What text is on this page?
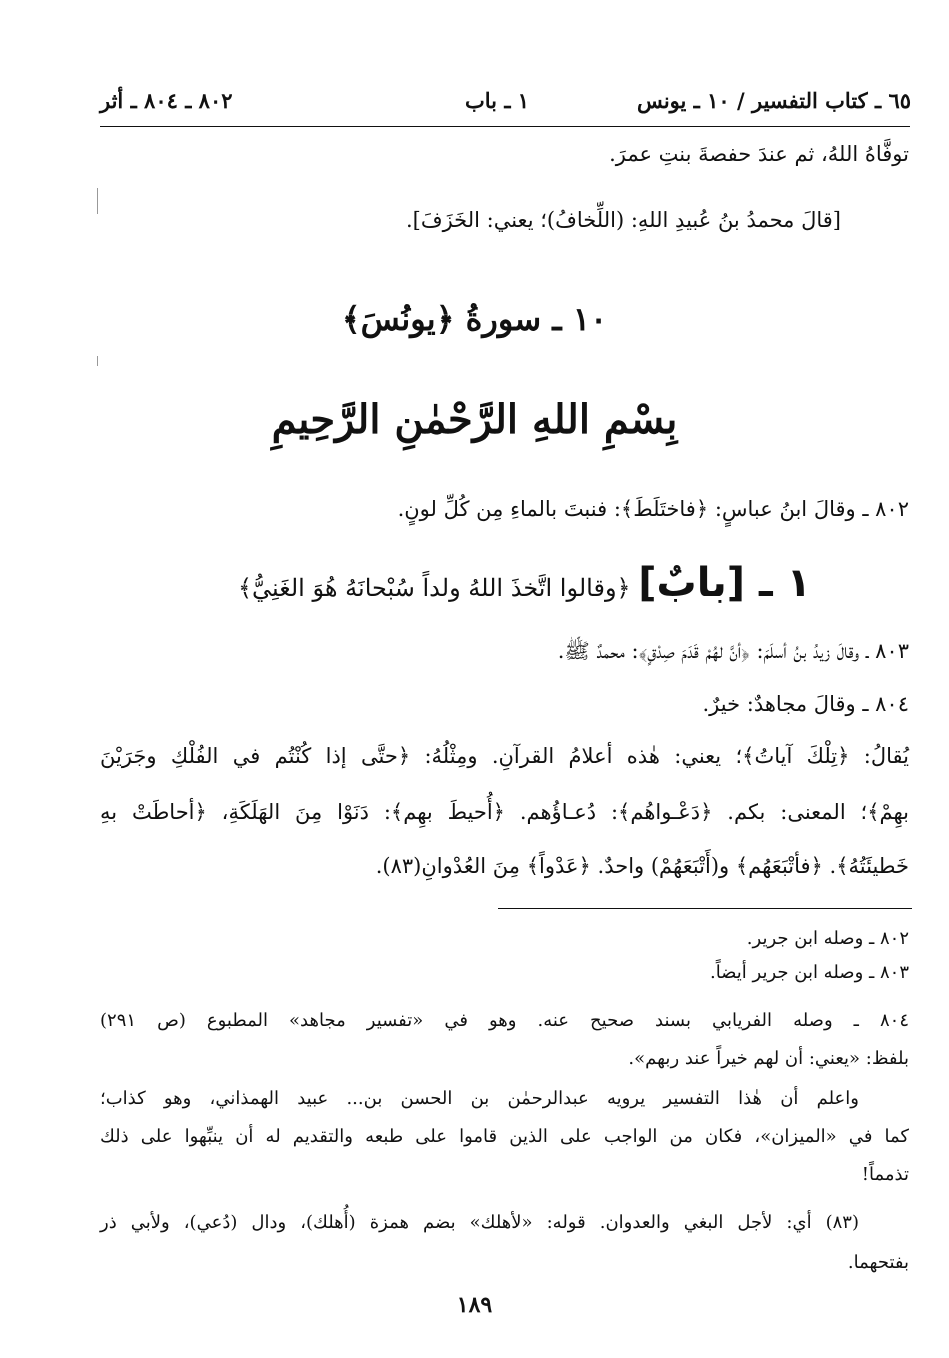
٦٥ ـ كتاب التفسير / ١٠ ـ يونس
١ ـ باب
٨٠٢ ـ ٨٠٤ ـ أثر
توفَّاهُ اللهُ، ثم عندَ حفصةَ بنتِ عمرَ.
[قالَ محمدُ بنُ عُبيدِ اللهِ: (اللِّخافُ)؛ يعني: الخَزَفَ].
١٠ ـ سورةُ ﴿يونُسَ﴾
بِسْمِ اللهِ الرَّحْمٰنِ الرَّحِيمِ
٨٠٢ ـ وقالَ ابنُ عباسٍ: ﴿فاختَلَطَ﴾: فنبتَ بالماءِ مِن كُلِّ لونٍ.
١ ـ [بابٌ] ﴿وقالوا اتَّخذَ اللهُ ولداً سُبْحانَهُ هُوَ الغَنِيُّ﴾
٨٠٣ ـ وقالَ زيدُ بنُ أسلَمَ: ﴿أنَّ لهُمْ قَدَمَ صِدْقٍ﴾: محمدٌ ﷺ.
٨٠٤ ـ وقالَ مجاهدٌ: خيرٌ.
يُقالُ: ﴿تِلْكَ آياتُ﴾؛ يعني: هٰذه أعلامُ القرآنِ. ومِثْلُهُ: ﴿حتَّى إذا كُنْتُم في الفُلْكِ وجَرَيْنَ
بهِمْ﴾؛ المعنى: بكم. ﴿دَعْـواهُم﴾: دُعـاؤُهم. ﴿أُحيطَ بهِم﴾: دَنَوْا مِنَ الهَلَكَةِ، ﴿أحاطَتْ بهِ
خَطيئَتُهُ﴾. ﴿فأتْبَعَهُم﴾ و(أَتْبَعَهُمْ) واحدٌ. ﴿عَدْواً﴾ مِنَ العُدْوانِ(٨٣).
٨٠٢ ـ وصله ابن جرير.
٨٠٣ ـ وصله ابن جرير أيضاً.
٨٠٤ ـ وصله الفريابي بسند صحيح عنه. وهو في «تفسير مجاهد» المطبوع (ص ٢٩١)
بلفظ: «يعني: أن لهم خيراً عند ربهم».
واعلم أن هٰذا التفسير يرويه عبدالرحمٰن بن الحسن بن... عبيد الهمذاني، وهو كذاب؛
كما في «الميزان»، فكان من الواجب على الذين قاموا على طبعه والتقديم له أن ينبِّهوا على ذلك
تذمماً!
(٨٣) أي: لأجل البغي والعدوان. قوله: «لأهلك» بضم همزة (أُهلك)، ودال (دُعي)، ولأبي ذر
بفتحهما.
١٨٩
